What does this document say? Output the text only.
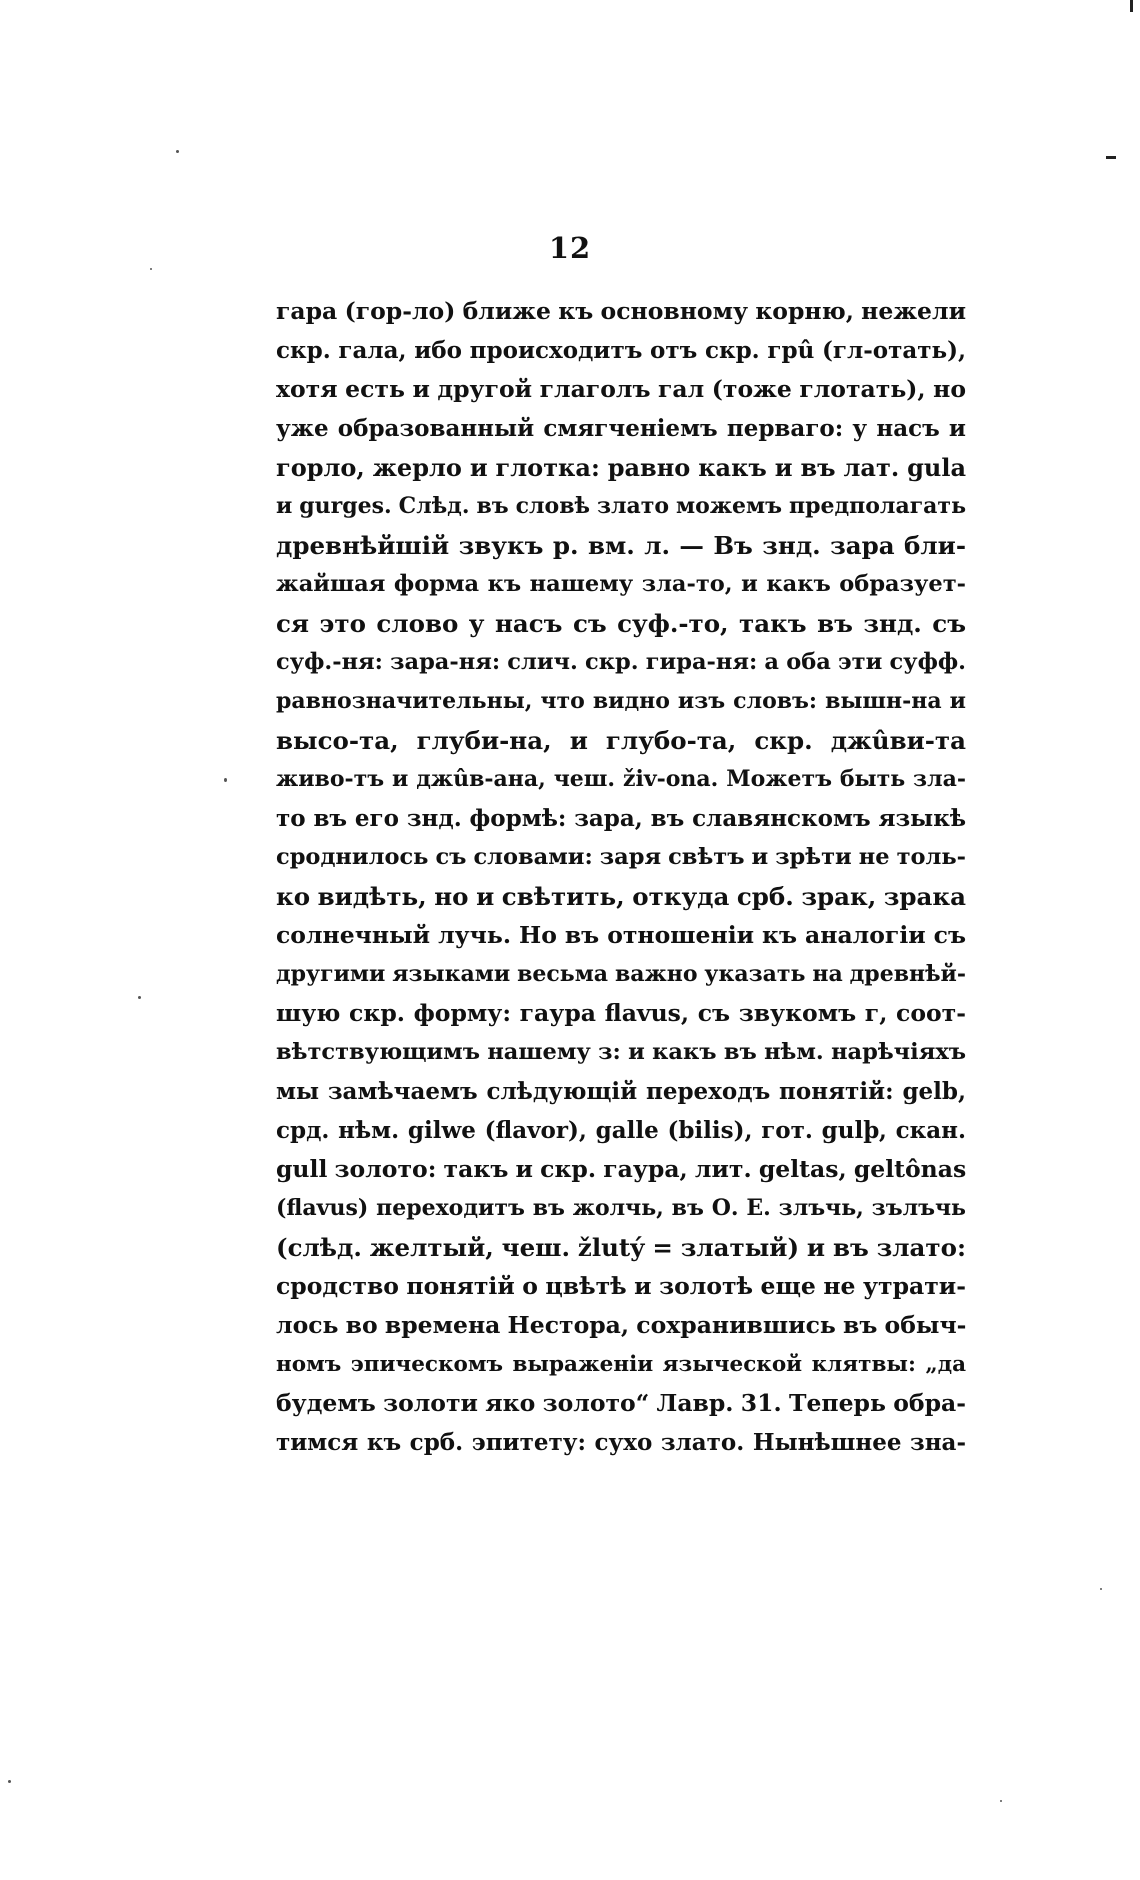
12
гара (гор-ло) ближе къ основному корню, нежели
скр. гала, ибо происходитъ отъ скр. грû (гл-отать),
хотя есть и другой глаголъ гал (тоже глотать), но
уже образованный смягченіемъ перваго: у насъ и
горло, жерло и глотка: равно какъ и въ лат. gula
и gurges. Слѣд. въ словѣ злато можемъ предполагать
древнѣйшій звукъ р. вм. л. — Въ знд. зара бли-
жайшая форма къ нашему зла-то, и какъ образует-
ся это слово у насъ съ суф.-то, такъ въ знд. съ
суф.-ня: зара-ня: слич. скр. гира-ня: а оба эти суфф.
равнозначительны, что видно изъ словъ: вышн-на и
высо-та, глуби-на, и глубо-та, скр. джûви-та
живо-тъ и джûв-ана, чеш. živ-ona. Можетъ быть зла-
то въ его знд. формѣ: зара, въ славянскомъ языкѣ
сроднилось съ словами: заря свѣтъ и зрѣти не толь-
ко видѣть, но и свѣтить, откуда срб. зрак, зрака
солнечный лучь. Но въ отношеніи къ аналогіи съ
другими языками весьма важно указать на древнѣй-
шую скр. форму: гаура flavus, съ звукомъ г, соот-
вѣтствующимъ нашему з: и какъ въ нѣм. нарѣчіяхъ
мы замѣчаемъ слѣдующій переходъ понятій: gelb,
срд. нѣм. gilwe (flavor), galle (bilis), гот. gulþ, скан.
gull золото: такъ и скр. гаура, лит. geltas, geltônas
(flavus) переходитъ въ жолчь, въ О. Е. злъчь, зълъчь
(слѣд. желтый, чеш. žlutý = златый) и въ злато:
сродство понятій о цвѣтѣ и золотѣ еще не утрати-
лось во времена Нестора, сохранившись въ обыч-
номъ эпическомъ выраженіи языческой клятвы: „да
будемъ золоти яко золото“ Лавр. 31. Теперь обра-
тимся къ срб. эпитету: сухо злато. Нынѣшнее зна-
